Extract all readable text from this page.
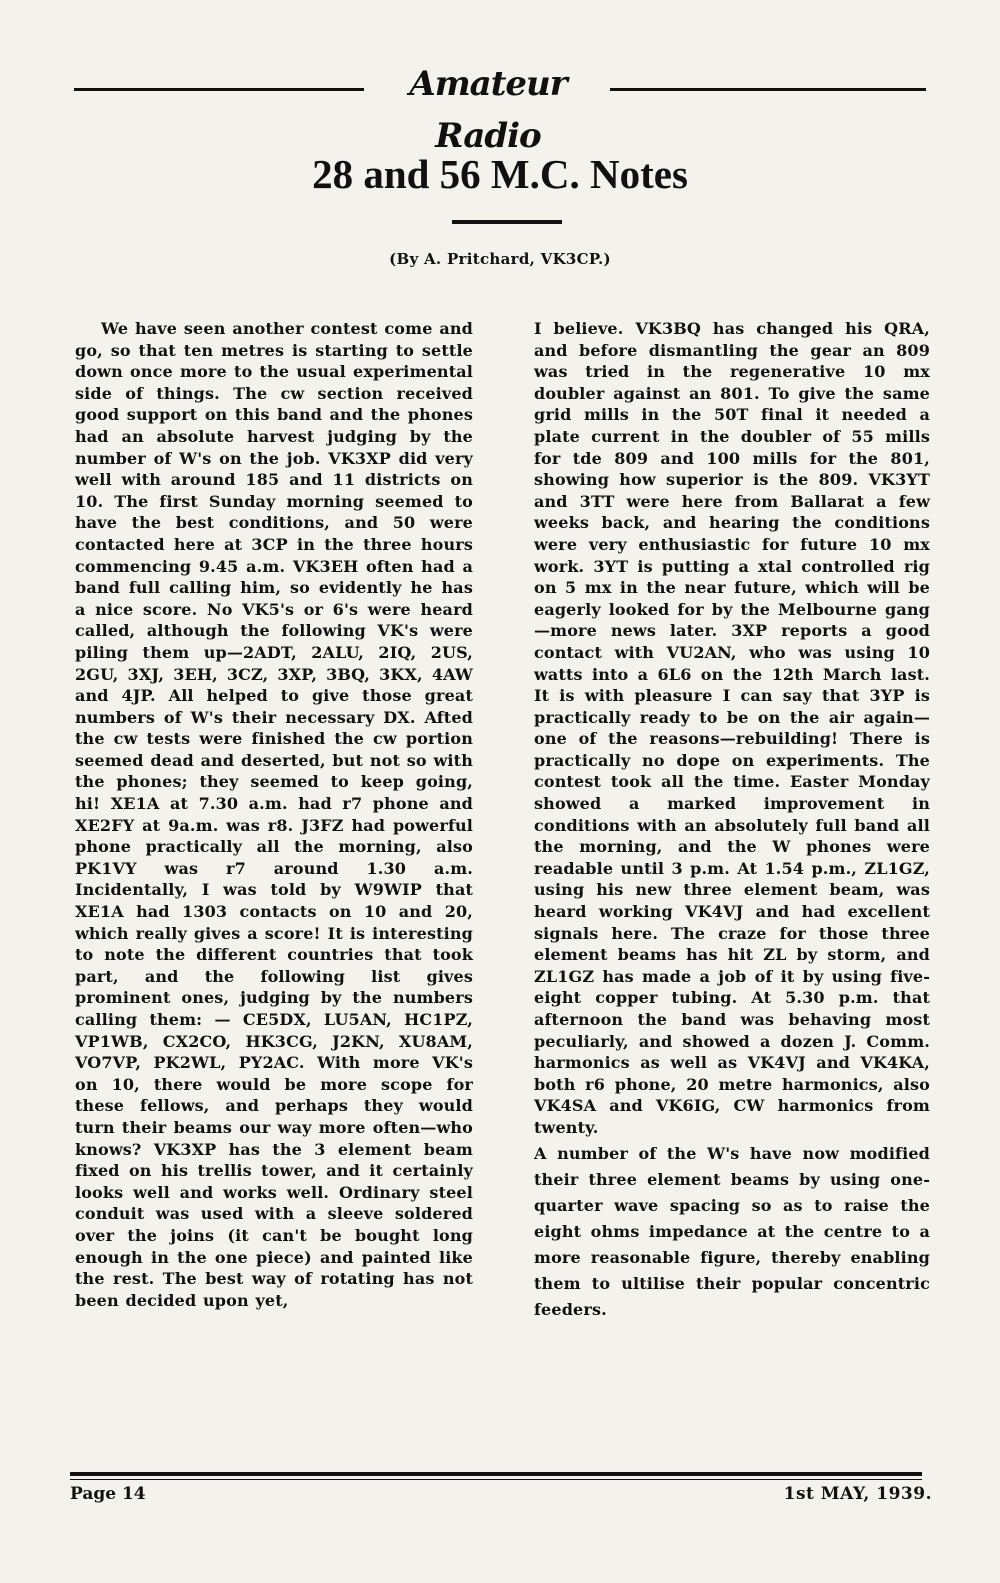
Amateur Radio
28 and 56 M.C. Notes
(By A. Pritchard, VK3CP.)

We have seen another contest come and go, so that ten metres is starting to settle down once more to the usual experimental side of things. The cw section received good support on this band and the phones had an absolute harvest judging by the number of W's on the job. VK3XP did very well with around 185 and 11 districts on 10. The first Sunday morning seemed to have the best conditions, and 50 were contacted here at 3CP in the three hours commencing 9.45 a.m. VK3EH often had a band full calling him, so evidently he has a nice score. No VK5's or 6's were heard called, although the following VK's were piling them up—2ADT, 2ALU, 2IQ, 2US, 2GU, 3XJ, 3EH, 3CZ, 3XP, 3BQ, 3KX, 4AW and 4JP. All helped to give those great numbers of W's their necessary DX. Afted the cw tests were finished the cw portion seemed dead and deserted, but not so with the phones; they seemed to keep going, hi! XE1A at 7.30 a.m. had r7 phone and XE2FY at 9a.m. was r8. J3FZ had powerful phone practically all the morning, also PK1VY was r7 around 1.30 a.m. Incidentally, I was told by W9WIP that XE1A had 1303 contacts on 10 and 20, which really gives a score! It is interesting to note the different countries that took part, and the following list gives prominent ones, judging by the numbers calling them: — CE5DX, LU5AN, HC1PZ, VP1WB, CX2CO, HK3CG, J2KN, XU8AM, VO7VP, PK2WL, PY2AC. With more VK's on 10, there would be more scope for these fellows, and perhaps they would turn their beams our way more often—who knows? VK3XP has the 3 element beam fixed on his trellis tower, and it certainly looks well and works well. Ordinary steel conduit was used with a sleeve soldered over the joins (it can't be bought long enough in the one piece) and painted like the rest. The best way of rotating has not been decided upon yet,

I believe. VK3BQ has changed his QRA, and before dismantling the gear an 809 was tried in the regenerative 10 mx doubler against an 801. To give the same grid mills in the 50T final it needed a plate current in the doubler of 55 mills for tde 809 and 100 mills for the 801, showing how superior is the 809. VK3YT and 3TT were here from Ballarat a few weeks back, and hearing the conditions were very enthusiastic for future 10 mx work. 3YT is putting a xtal controlled rig on 5 mx in the near future, which will be eagerly looked for by the Melbourne gang—more news later. 3XP reports a good contact with VU2AN, who was using 10 watts into a 6L6 on the 12th March last. It is with pleasure I can say that 3YP is practically ready to be on the air again—one of the reasons—rebuilding! There is practically no dope on experiments. The contest took all the time. Easter Monday showed a marked improvement in conditions with an absolutely full band all the morning, and the W phones were readable until 3 p.m. At 1.54 p.m., ZL1GZ, using his new three element beam, was heard working VK4VJ and had excellent signals here. The craze for those three element beams has hit ZL by storm, and ZL1GZ has made a job of it by using five-eight copper tubing. At 5.30 p.m. that afternoon the band was behaving most peculiarly, and showed a dozen J. Comm. harmonics as well as VK4VJ and VK4KA, both r6 phone, 20 metre harmonics, also VK4SA and VK6IG, CW harmonics from twenty.

A number of the W's have now modified their three element beams by using one-quarter wave spacing so as to raise the eight ohms impedance at the centre to a more reasonable figure, thereby enabling them to ultilise their popular concentric feeders.

Page 14	1st MAY, 1939.
